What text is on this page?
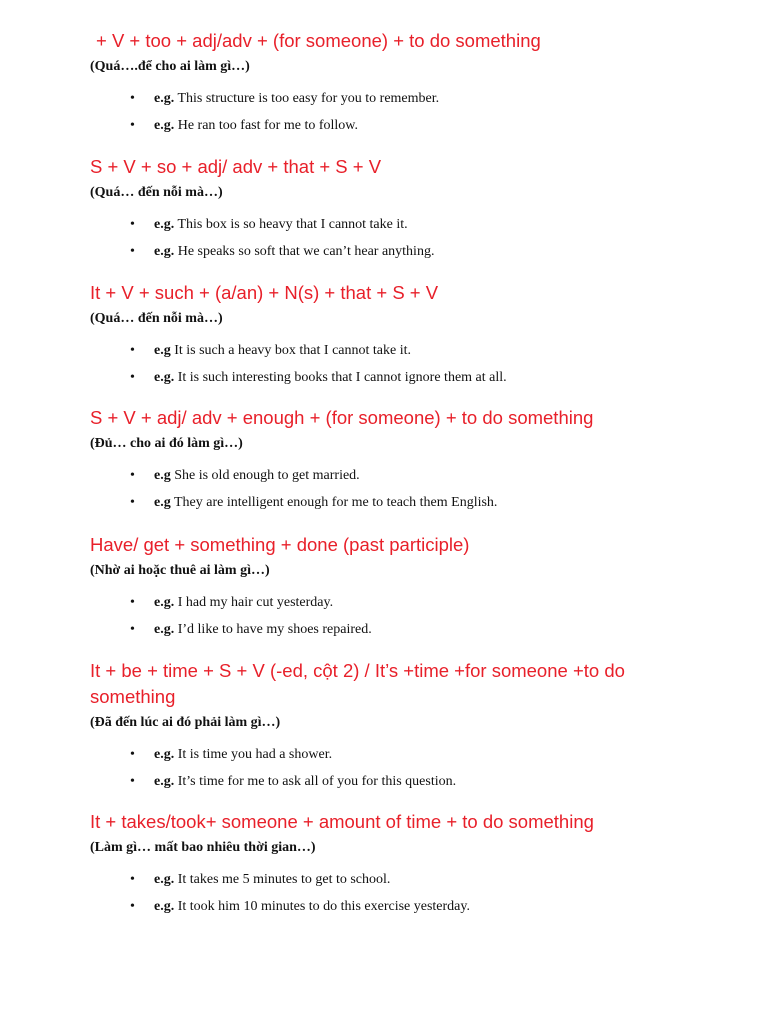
+ V + too + adj/adv + (for someone) + to do something
(Quá….để cho ai làm gì…)
• e.g. This structure is too easy for you to remember.
• e.g. He ran too fast for me to follow.
S + V + so + adj/ adv + that + S + V
(Quá… đến nỗi mà…)
• e.g. This box is so heavy that I cannot take it.
• e.g. He speaks so soft that we can’t hear anything.
It + V + such + (a/an) + N(s) + that + S + V
(Quá… đến nỗi mà…)
• e.g It is such a heavy box that I cannot take it.
• e.g. It is such interesting books that I cannot ignore them at all.
S + V + adj/ adv + enough + (for someone) + to do something
(Đủ… cho ai đó làm gì…)
• e.g She is old enough to get married.
• e.g They are intelligent enough for me to teach them English.
Have/ get + something + done (past participle)
(Nhờ ai hoặc thuê ai làm gì…)
• e.g. I had my hair cut yesterday.
• e.g. I’d like to have my shoes repaired.
It + be + time + S + V (-ed, cột 2) / It’s +time +for someone +to do something
(Đã đến lúc ai đó phải làm gì…)
• e.g. It is time you had a shower.
• e.g. It’s time for me to ask all of you for this question.
It + takes/took+ someone + amount of time + to do something
(Làm gì… mất bao nhiêu thời gian…)
• e.g. It takes me 5 minutes to get to school.
• e.g. It took him 10 minutes to do this exercise yesterday.
